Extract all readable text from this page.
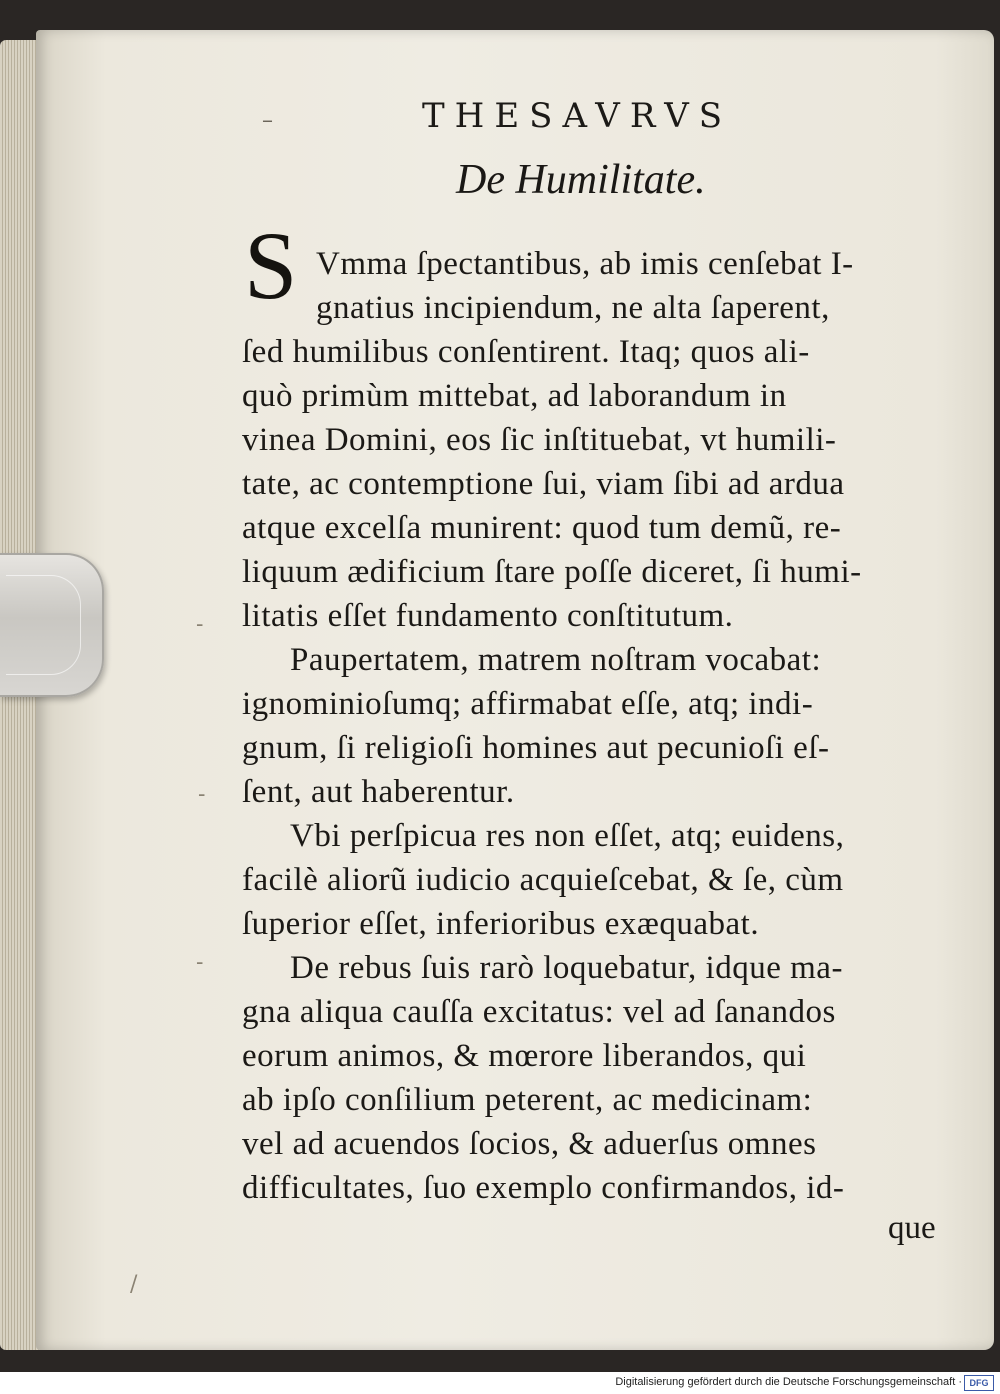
–	THESAVRVS
De Humilitate.
S Vmma ſpectantibus, ab imis cenſebat I-
gnatius incipiendum, ne alta ſaperent,
ſed humilibus conſentirent. Itaq; quos ali-
quò primùm mittebat, ad laborandum in
vinea Domini, eos ſic inſtituebat, vt humili-
tate, ac contemptione ſui, viam ſibi ad ardua
atque excelſa munirent: quod tum demũ, re-
liquum ædificium ſtare poſſe diceret, ſi humi-
litatis eſſet fundamento conſtitutum.
Paupertatem, matrem noſtram vocabat:
ignominioſumq; affirmabat eſſe, atq; indi-
gnum, ſi religioſi homines aut pecunioſi eſ-
ſent, aut haberentur.
Vbi perſpicua res non eſſet, atq; euidens,
facilè aliorũ iudicio acquieſcebat, & ſe, cùm
ſuperior eſſet, inferioribus exæquabat.
De rebus ſuis rarò loquebatur, idque ma-
gna aliqua cauſſa excitatus: vel ad ſanandos
eorum animos, & mœrore liberandos, qui
ab ipſo conſilium peterent, ac medicinam:
vel ad acuendos ſocios, & aduerſus omnes
difficultates, ſuo exemplo confirmandos, id-
que
-
-
-
/
Digitalisierung gefördert durch die Deutsche Forschungsgemeinschaft · DFG
